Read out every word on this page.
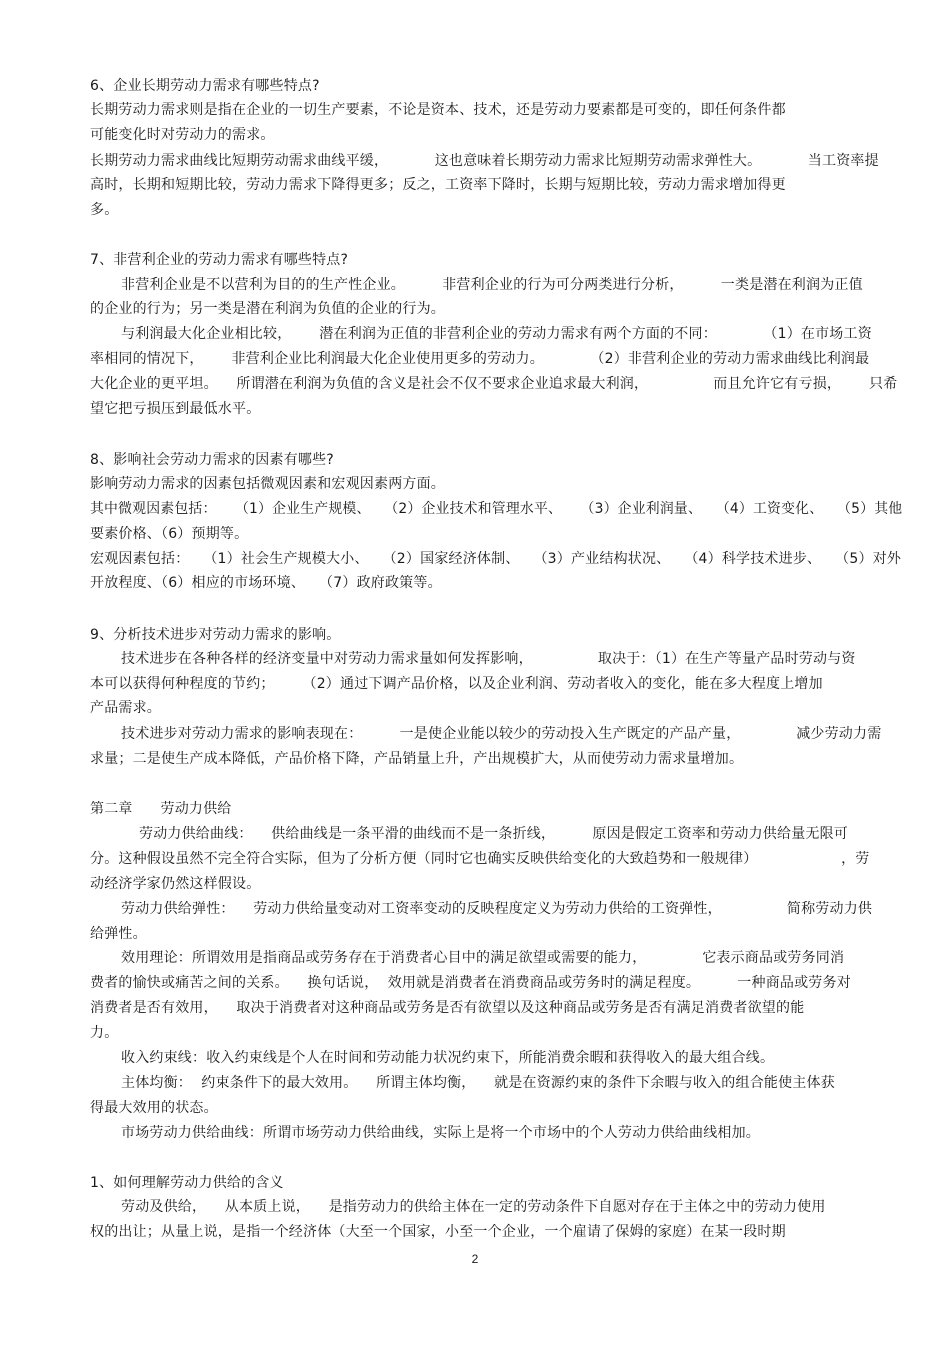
6、企业长期劳动力需求有哪些特点?
长期劳动力需求则是指在企业的一切生产要素，不论是资本、技术，还是劳动力要素都是可变的，即任何条件都
可能变化时对劳动力的需求。
长期劳动力需求曲线比短期劳动需求曲线平缓，          这也意味着长期劳动力需求比短期劳动需求弹性大。          当工资率提
高时，长期和短期比较，劳动力需求下降得更多；反之，工资率下降时，长期与短期比较，劳动力需求增加得更
多。
7、非营利企业的劳动力需求有哪些特点?
非营利企业是不以营利为目的的生产性企业。        非营利企业的行为可分两类进行分析，        一类是潜在利润为正值
的企业的行为；另一类是潜在利润为负值的企业的行为。
与利润最大化企业相比较，      潜在利润为正值的非营利企业的劳动力需求有两个方面的不同：          （1）在市场工资
率相同的情况下，      非营利企业比利润最大化企业使用更多的劳动力。          （2）非营利企业的劳动力需求曲线比利润最
大化企业的更平坦。    所谓潜在利润为负值的含义是社会不仅不要求企业追求最大利润，              而且允许它有亏损，      只希
望它把亏损压到最低水平。
8、影响社会劳动力需求的因素有哪些?
影响劳动力需求的因素包括微观因素和宏观因素两方面。
其中微观因素包括：    （1）企业生产规模、   （2）企业技术和管理水平、    （3）企业利润量、   （4）工资变化、   （5）其他
要素价格、（6）预期等。
宏观因素包括：   （1）社会生产规模大小、   （2）国家经济体制、   （3）产业结构状况、   （4）科学技术进步、   （5）对外
开放程度、（6）相应的市场环境、   （7）政府政策等。
9、分析技术进步对劳动力需求的影响。
技术进步在各种各样的经济变量中对劳动力需求量如何发挥影响，              取决于：（1）在生产等量产品时劳动与资
本可以获得何种程度的节约；      （2）通过下调产品价格，以及企业利润、劳动者收入的变化，能在多大程度上增加
产品需求。
技术进步对劳动力需求的影响表现在：        一是使企业能以较少的劳动投入生产既定的产品产量，            减少劳动力需
求量；二是使生产成本降低，产品价格下降，产品销量上升，产出规模扩大，从而使劳动力需求量增加。
第二章      劳动力供给
劳动力供给曲线：    供给曲线是一条平滑的曲线而不是一条折线，        原因是假定工资率和劳动力供给量无限可
分。这种假设虽然不完全符合实际，但为了分析方便（同时它也确实反映供给变化的大致趋势和一般规律）                  ，劳
动经济学家仍然这样假设。
劳动力供给弹性：    劳动力供给量变动对工资率变动的反映程度定义为劳动力供给的工资弹性，              简称劳动力供
给弹性。
效用理论：所谓效用是指商品或劳务存在于消费者心目中的满足欲望或需要的能力，            它表示商品或劳务同消
费者的愉快或痛苦之间的关系。    换句话说，  效用就是消费者在消费商品或劳务时的满足程度。        一种商品或劳务对
消费者是否有效用，    取决于消费者对这种商品或劳务是否有欲望以及这种商品或劳务是否有满足消费者欲望的能
力。
收入约束线：收入约束线是个人在时间和劳动能力状况约束下，所能消费余暇和获得收入的最大组合线。
主体均衡：  约束条件下的最大效用。    所谓主体均衡，    就是在资源约束的条件下余暇与收入的组合能使主体获
得最大效用的状态。
市场劳动力供给曲线：所谓市场劳动力供给曲线，实际上是将一个市场中的个人劳动力供给曲线相加。
1、如何理解劳动力供给的含义
劳动及供给，    从本质上说，    是指劳动力的供给主体在一定的劳动条件下自愿对存在于主体之中的劳动力使用
权的出让；从量上说，是指一个经济体（大至一个国家，小至一个企业，一个雇请了保姆的家庭）在某一段时期
2
